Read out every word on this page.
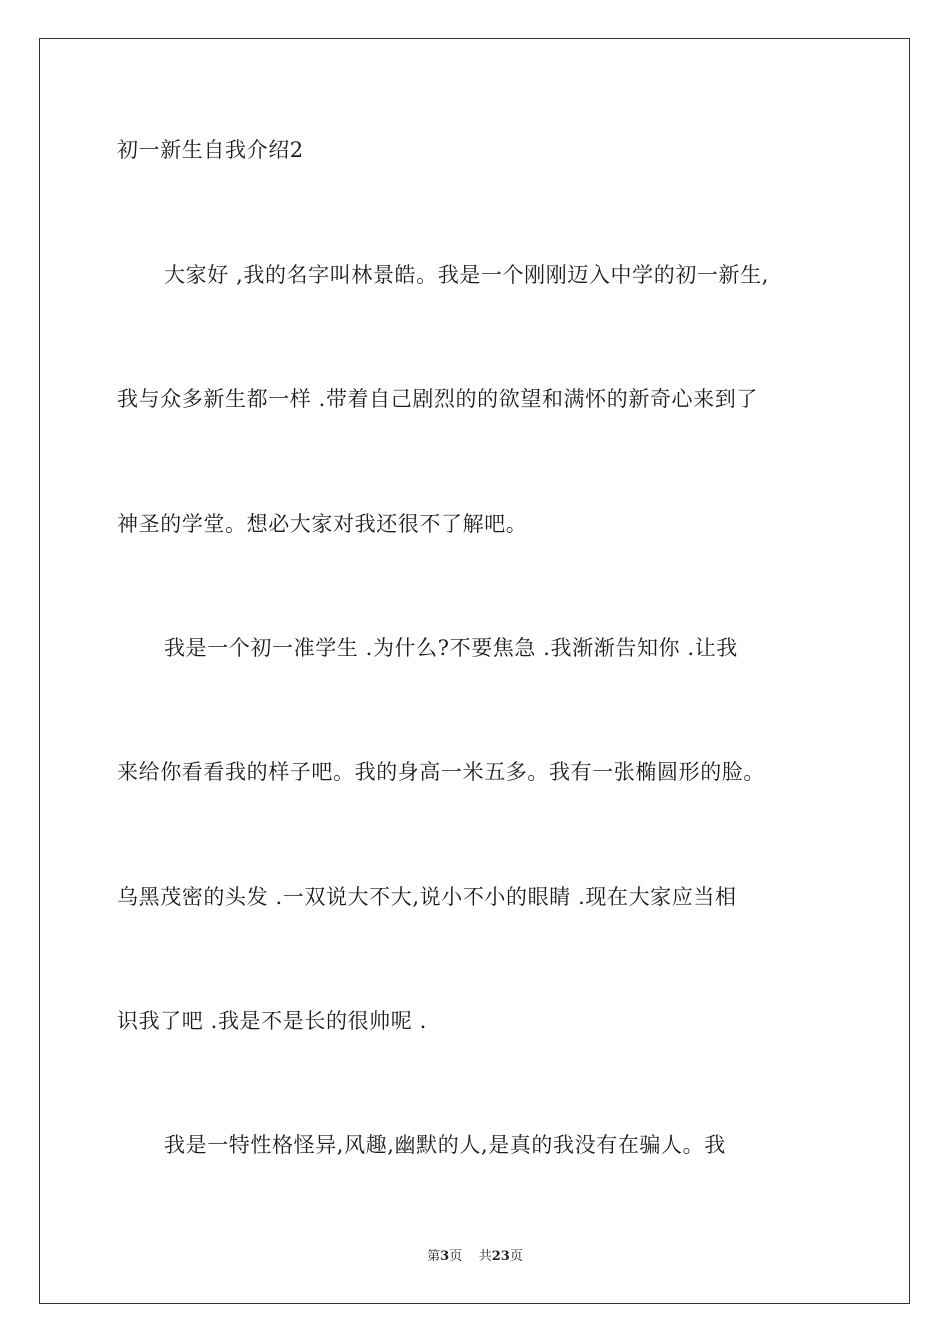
初一新生自我介绍2
大家好 ,我的名字叫林景皓。我是一个刚刚迈入中学的初一新生,
我与众多新生都一样 .带着自己剧烈的的欲望和满怀的新奇心来到了
神圣的学堂。想必大家对我还很不了解吧。
我是一个初一准学生 .为什么?不要焦急 .我渐渐告知你 .让我
来给你看看我的样子吧。我的身高一米五多。我有一张椭圆形的脸。
乌黑茂密的头发 .一双说大不大,说小不小的眼睛 .现在大家应当相
识我了吧 .我是不是长的很帅呢 .
我是一特性格怪异,风趣,幽默的人,是真的我没有在骗人。我
第3页 共23页
